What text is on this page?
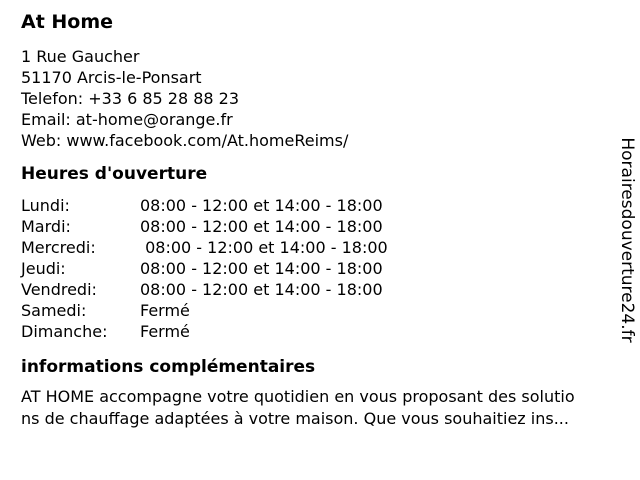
At Home
1 Rue Gaucher
51170 Arcis-le-Ponsart
Telefon: +33 6 85 28 88 23
Email: at-home@orange.fr
Web: www.facebook.com/At.homeReims/
Heures d'ouverture
Lundi:	08:00 - 12:00 et 14:00 - 18:00
Mardi:	08:00 - 12:00 et 14:00 - 18:00
Mercredi:	08:00 - 12:00 et 14:00 - 18:00
Jeudi:	08:00 - 12:00 et 14:00 - 18:00
Vendredi:	08:00 - 12:00 et 14:00 - 18:00
Samedi:	Fermé
Dimanche: Fermé
informations complémentaires
AT HOME accompagne votre quotidien en vous proposant des solutio
ns de chauffage adaptées à votre maison. Que vous souhaitiez ins...
Horairesdouverture24.fr
